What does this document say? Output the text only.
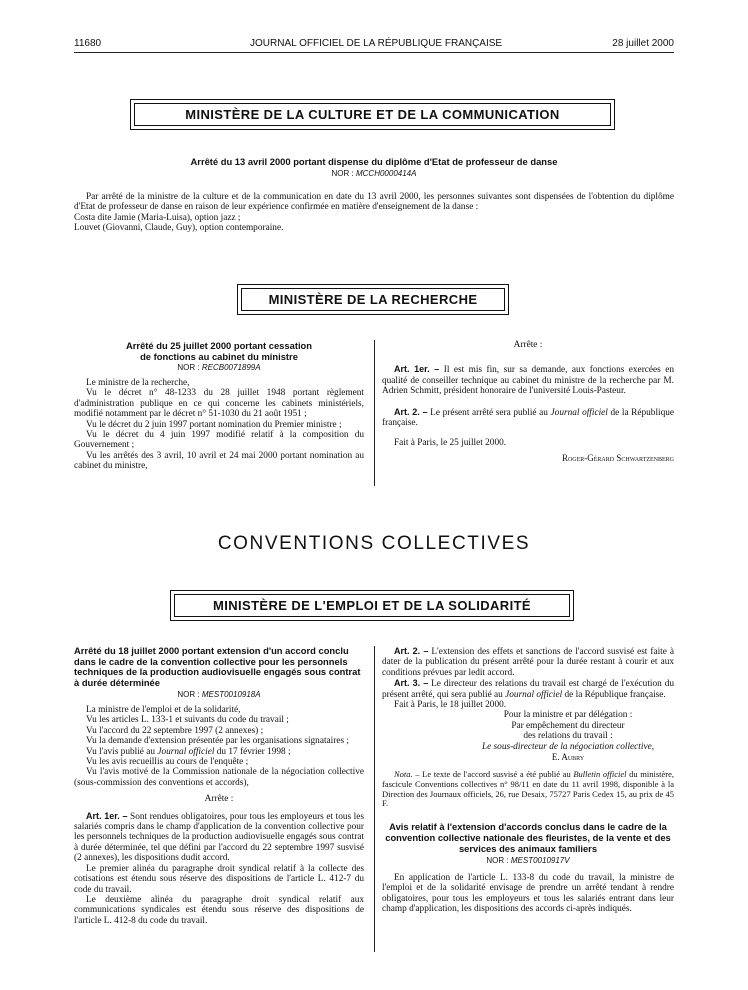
11680	JOURNAL OFFICIEL DE LA RÉPUBLIQUE FRANÇAISE	28 juillet 2000
MINISTÈRE DE LA CULTURE ET DE LA COMMUNICATION
Arrêté du 13 avril 2000 portant dispense du diplôme d'Etat de professeur de danse
NOR : MCCH0000414A

Par arrêté de la ministre de la culture et de la communication en date du 13 avril 2000, les personnes suivantes sont dispensées de l'obtention du diplôme d'Etat de professeur de danse en raison de leur expérience confirmée en matière d'enseignement de la danse :

Costa dite Jamie (Maria-Luisa), option jazz ;

Louvet (Giovanni, Claude, Guy), option contemporaine.

MINISTÈRE DE LA RECHERCHE
Arrêté du 25 juillet 2000 portant cessation
de fonctions au cabinet du ministre
NOR : RECB0071899A

Le ministre de la recherche,

Vu le décret n° 48-1233 du 28 juillet 1948 portant règlement d'administration publique en ce qui concerne les cabinets ministériels, modifié notamment par le décret n° 51-1030 du 21 août 1951 ;

Vu le décret du 2 juin 1997 portant nomination du Premier ministre ;

Vu le décret du 4 juin 1997 modifié relatif à la composition du Gouvernement ;

Vu les arrêtés des 3 avril, 10 avril et 24 mai 2000 portant nomination au cabinet du ministre,

Arrête :

Art. 1er. – Il est mis fin, sur sa demande, aux fonctions exercées en qualité de conseiller technique au cabinet du ministre de la recherche par M. Adrien Schmitt, président honoraire de l'université Louis-Pasteur.

Art. 2. – Le présent arrêté sera publié au Journal officiel de la République française.

Fait à Paris, le 25 juillet 2000.

Roger-Gérard Schwartzenberg

CONVENTIONS COLLECTIVES
MINISTÈRE DE L'EMPLOI ET DE LA SOLIDARITÉ
Arrêté du 18 juillet 2000 portant extension d'un accord conclu dans le cadre de la convention collective pour les personnels techniques de la production audiovisuelle engagés sous contrat à durée déterminée
NOR : MEST0010918A

La ministre de l'emploi et de la solidarité,

Vu les articles L. 133-1 et suivants du code du travail ;

Vu l'accord du 22 septembre 1997 (2 annexes) ;

Vu la demande d'extension présentée par les organisations signataires ;

Vu l'avis publié au Journal officiel du 17 février 1998 ;

Vu les avis recueillis au cours de l'enquête ;

Vu l'avis motivé de la Commission nationale de la négociation collective (sous-commission des conventions et accords),

Arrête :

Art. 1er. – Sont rendues obligatoires, pour tous les employeurs et tous les salariés compris dans le champ d'application de la convention collective pour les personnels techniques de la production audiovisuelle engagés sous contrat à durée déterminée, tel que défini par l'accord du 22 septembre 1997 susvisé (2 annexes), les dispositions dudit accord.

Le premier alinéa du paragraphe droit syndical relatif à la collecte des cotisations est étendu sous réserve des dispositions de l'article L. 412-7 du code du travail.

Le deuxième alinéa du paragraphe droit syndical relatif aux communications syndicales est étendu sous réserve des dispositions de l'article L. 412-8 du code du travail.

Art. 2. – L'extension des effets et sanctions de l'accord susvisé est faite à dater de la publication du présent arrêté pour la durée restant à courir et aux conditions prévues par ledit accord.

Art. 3. – Le directeur des relations du travail est chargé de l'exécution du présent arrêté, qui sera publié au Journal officiel de la République française.

Fait à Paris, le 18 juillet 2000.

Pour la ministre et par délégation :

Par empêchement du directeur

des relations du travail :

Le sous-directeur de la négociation collective,

E. Aubry

Nota. – Le texte de l'accord susvisé a été publié au Bulletin officiel du ministère, fascicule Conventions collectives n° 98/11 en date du 11 avril 1998, disponible à la Direction des Journaux officiels, 26, rue Desaix, 75727 Paris Cedex 15, au prix de 45 F.

Avis relatif à l'extension d'accords conclus dans le cadre de la convention collective nationale des fleuristes, de la vente et des services des animaux familiers
NOR : MEST0010917V

En application de l'article L. 133-8 du code du travail, la ministre de l'emploi et de la solidarité envisage de prendre un arrêté tendant à rendre obligatoires, pour tous les employeurs et tous les salariés entrant dans leur champ d'application, les dispositions des accords ci-après indiqués.
